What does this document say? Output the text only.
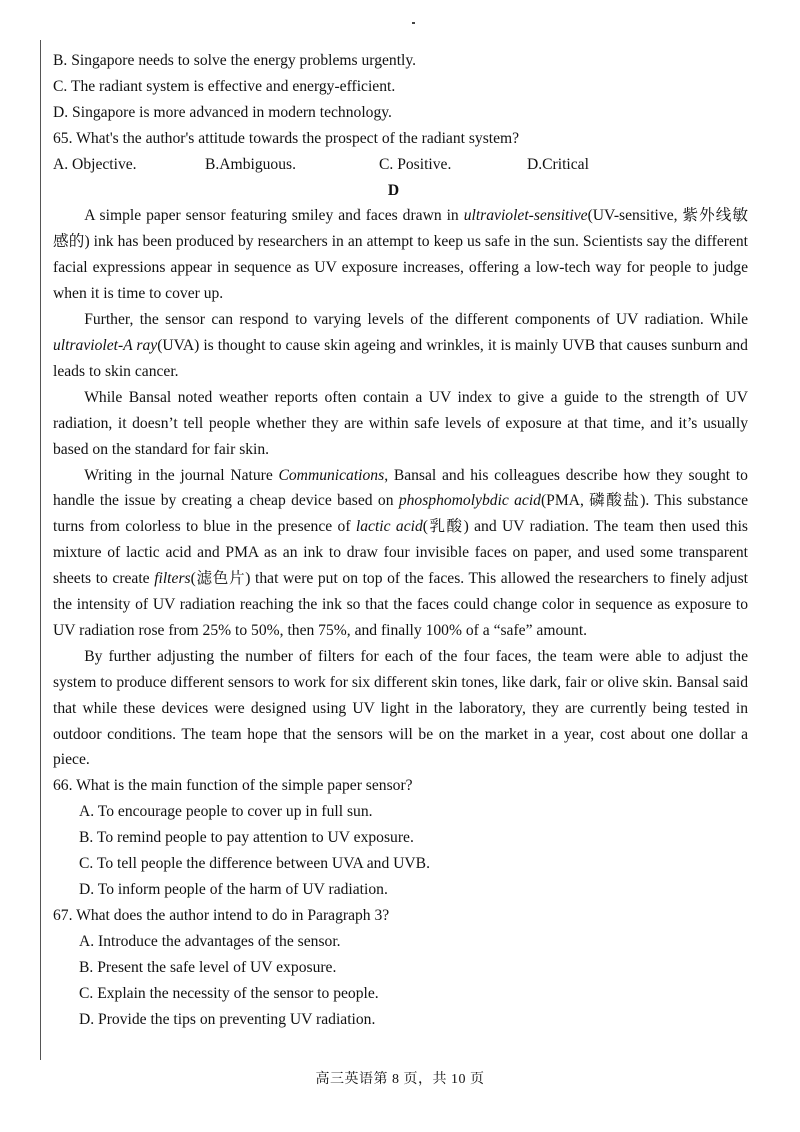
B. Singapore needs to solve the energy problems urgently.

C. The radiant system is effective and energy-efficient.

D. Singapore is more advanced in modern technology.

65. What's the author's attitude towards the prospect of the radiant system?

A. Objective.	B.Ambiguous.	C. Positive.	D.Critical

D

A simple paper sensor featuring smiley and faces drawn in ultraviolet-sensitive(UV-sensitive, 紫外线敏感的) ink has been produced by researchers in an attempt to keep us safe in the sun. Scientists say the different facial expressions appear in sequence as UV exposure increases, offering a low-tech way for people to judge when it is time to cover up.

Further, the sensor can respond to varying levels of the different components of UV radiation. While ultraviolet-A ray(UVA) is thought to cause skin ageing and wrinkles, it is mainly UVB that causes sunburn and leads to skin cancer.

While Bansal noted weather reports often contain a UV index to give a guide to the strength of UV radiation, it doesn’t tell people whether they are within safe levels of exposure at that time, and it’s usually based on the standard for fair skin.

Writing in the journal Nature Communications, Bansal and his colleagues describe how they sought to handle the issue by creating a cheap device based on phosphomolybdic acid(PMA, 磷酸盐). This substance turns from colorless to blue in the presence of lactic acid(乳酸) and UV radiation. The team then used this mixture of lactic acid and PMA as an ink to draw four invisible faces on paper, and used some transparent sheets to create filters(滤色片) that were put on top of the faces. This allowed the researchers to finely adjust the intensity of UV radiation reaching the ink so that the faces could change color in sequence as exposure to UV radiation rose from 25% to 50%, then 75%, and finally 100% of a “safe” amount.

By further adjusting the number of filters for each of the four faces, the team were able to adjust the system to produce different sensors to work for six different skin tones, like dark, fair or olive skin. Bansal said that while these devices were designed using UV light in the laboratory, they are currently being tested in outdoor conditions. The team hope that the sensors will be on the market in a year, cost about one dollar a piece.

66. What is the main function of the simple paper sensor?

A. To encourage people to cover up in full sun.

B. To remind people to pay attention to UV exposure.

C. To tell people the difference between UVA and UVB.

D. To inform people of the harm of UV radiation.

67. What does the author intend to do in Paragraph 3?

A. Introduce the advantages of the sensor.

B. Present the safe level of UV exposure.

C. Explain the necessity of the sensor to people.

D. Provide the tips on preventing UV radiation.

高三英语第 8 页，共 10 页
